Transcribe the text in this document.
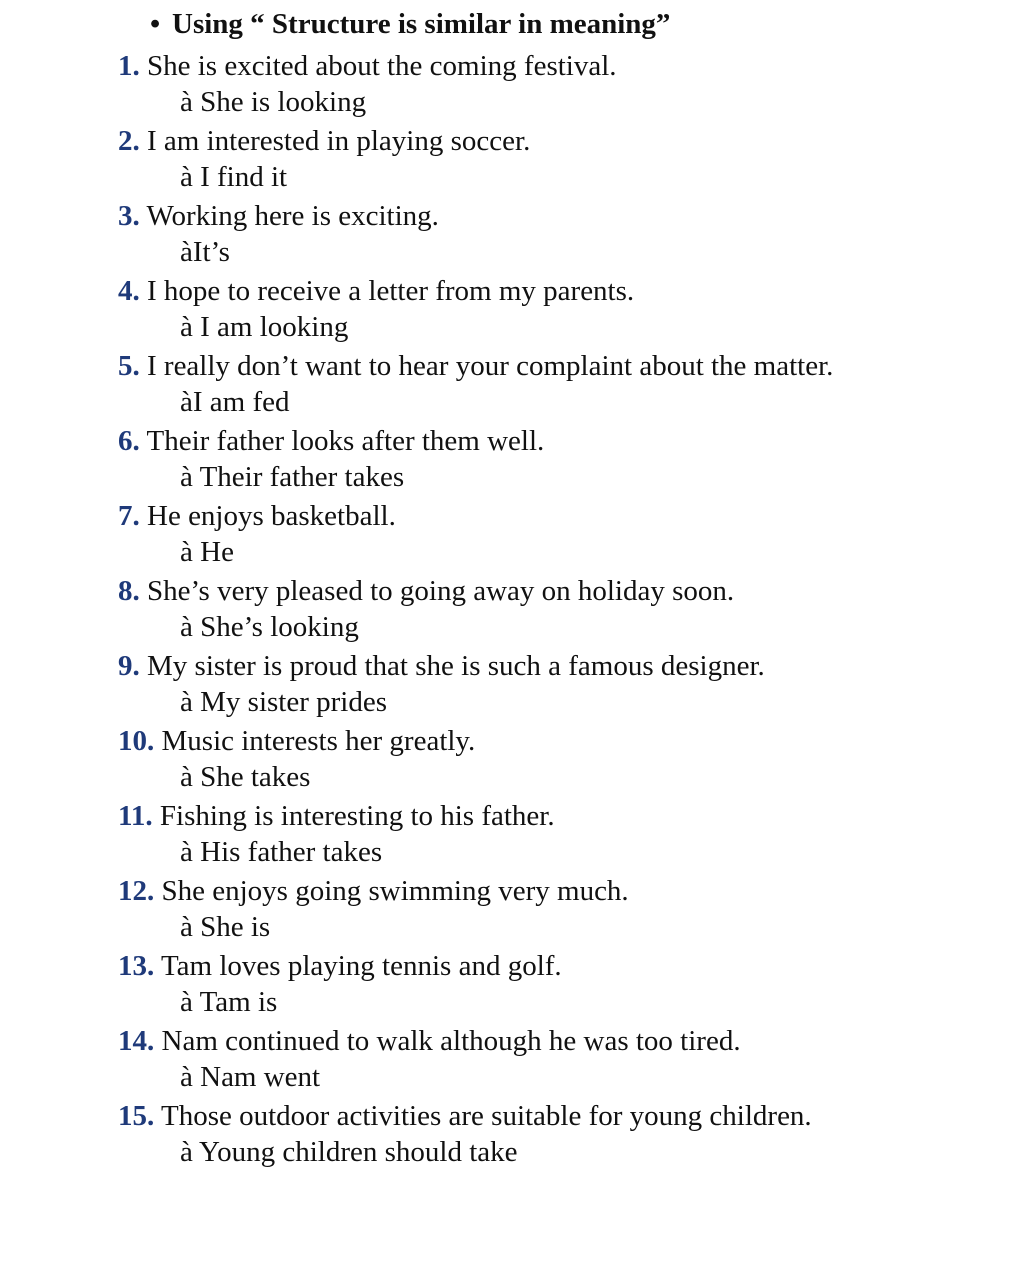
• Using “ Structure is similar in meaning”
1. She is excited about the coming festival.
à She is looking
2. I am interested in playing soccer.
à I find it
3. Working here is exciting.
àIt’s
4. I hope to receive a letter from my parents.
à I am looking
5. I really don’t want to hear your complaint about the matter.
àI am fed
6. Their father looks after them well.
à Their father takes
7. He enjoys basketball.
à He
8. She’s very pleased to going away on holiday soon.
à She’s looking
9. My sister is proud that she is such a famous designer.
à My sister prides
10. Music interests her greatly.
à She takes
11. Fishing is interesting to his father.
à His father takes
12. She enjoys going swimming very much.
à She is
13. Tam loves playing tennis and golf.
à Tam is
14. Nam continued to walk although he was too tired.
à Nam went
15. Those outdoor activities are suitable for young children.
à Young children should take
